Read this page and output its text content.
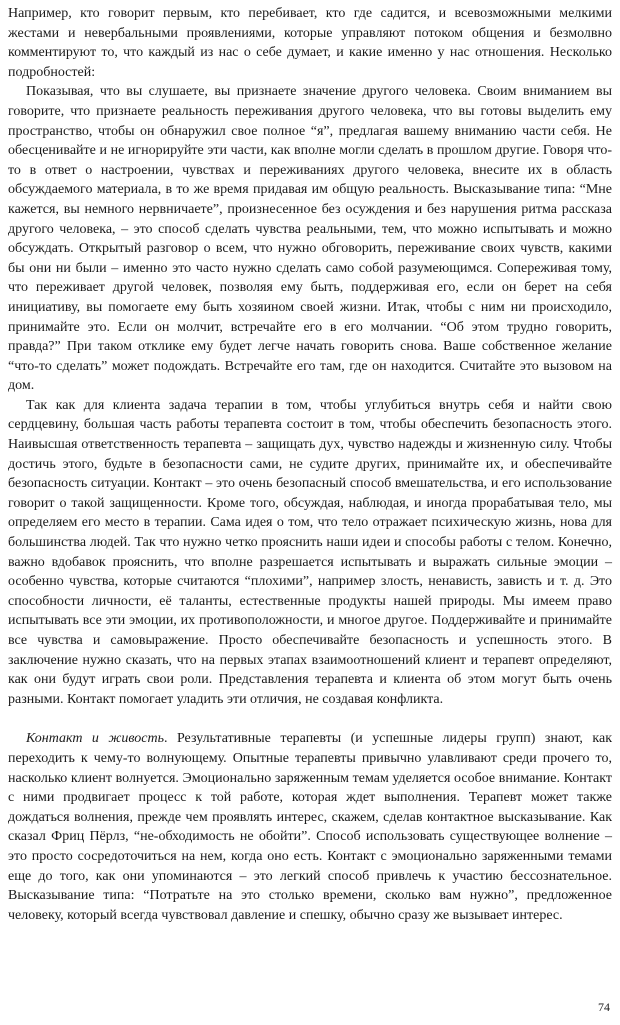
Например, кто говорит первым, кто перебивает, кто где садится, и всевозможными мелкими жестами и невербальными проявлениями, которые управляют потоком общения и безмолвно комментируют то, что каждый из нас о себе думает, и какие именно у нас отношения. Несколько подробностей:

Показывая, что вы слушаете, вы признаете значение другого человека. Своим вниманием вы говорите, что признаете реальность переживания другого человека, что вы готовы выделить ему пространство, чтобы он обнаружил свое полное “я”, предлагая вашему вниманию части себя. Не обесценивайте и не игнорируйте эти части, как вполне могли сделать в прошлом другие. Говоря что-то в ответ о настроении, чувствах и переживаниях другого человека, внесите их в область обсуждаемого материала, в то же время придавая им общую реальность. Высказывание типа: “Мне кажется, вы немного нервничаете”, произнесенное без осуждения и без нарушения ритма рассказа другого человека, – это способ сделать чувства реальными, тем, что можно испытывать и можно обсуждать. Открытый разговор о всем, что нужно обговорить, переживание своих чувств, какими бы они ни были – именно это часто нужно сделать само собой разумеющимся. Сопереживая тому, что переживает другой человек, позволяя ему быть, поддерживая его, если он берет на себя инициативу, вы помогаете ему быть хозяином своей жизни. Итак, чтобы с ним ни происходило, принимайте это. Если он молчит, встречайте его в его молчании. “Об этом трудно говорить, правда?” При таком отклике ему будет легче начать говорить снова. Ваше собственное желание “что-то сделать” может подождать. Встречайте его там, где он находится. Считайте это вызовом на дом.

Так как для клиента задача терапии в том, чтобы углубиться внутрь себя и найти свою сердцевину, большая часть работы терапевта состоит в том, чтобы обеспечить безопасность этого. Наивысшая ответственность терапевта – защищать дух, чувство надежды и жизненную силу. Чтобы достичь этого, будьте в безопасности сами, не судите других, принимайте их, и обеспечивайте безопасность ситуации. Контакт – это очень безопасный способ вмешательства, и его использование говорит о такой защищенности. Кроме того, обсуждая, наблюдая, и иногда прорабатывая тело, мы определяем его место в терапии. Сама идея о том, что тело отражает психическую жизнь, нова для большинства людей. Так что нужно четко прояснить наши идеи и способы работы с телом. Конечно, важно вдобавок прояснить, что вполне разрешается испытывать и выражать сильные эмоции – особенно чувства, которые считаются “плохими”, например злость, ненависть, зависть и т. д. Это способности личности, её таланты, естественные продукты нашей природы. Мы имеем право испытывать все эти эмоции, их противоположности, и многое другое. Поддерживайте и принимайте все чувства и самовыражение. Просто обеспечивайте безопасность и успешность этого. В заключение нужно сказать, что на первых этапах взаимоотношений клиент и терапевт определяют, как они будут играть свои роли. Представления терапевта и клиента об этом могут быть очень разными. Контакт помогает уладить эти отличия, не создавая конфликта.

Контакт и живость. Результативные терапевты (и успешные лидеры групп) знают, как переходить к чему-то волнующему. Опытные терапевты привычно улавливают среди прочего то, насколько клиент волнуется. Эмоционально заряженным темам уделяется особое внимание. Контакт с ними продвигает процесс к той работе, которая ждет выполнения. Терапевт может также дождаться волнения, прежде чем проявлять интерес, скажем, сделав контактное высказывание. Как сказал Фриц Пёрлз, “не-обходимость не обойти”. Способ использовать существующее волнение – это просто сосредоточиться на нем, когда оно есть. Контакт с эмоционально заряженными темами еще до того, как они упоминаются – это легкий способ привлечь к участию бессознательное. Высказывание типа: “Потратьте на это столько времени, сколько вам нужно”, предложенное человеку, который всегда чувствовал давление и спешку, обычно сразу же вызывает интерес.

74
